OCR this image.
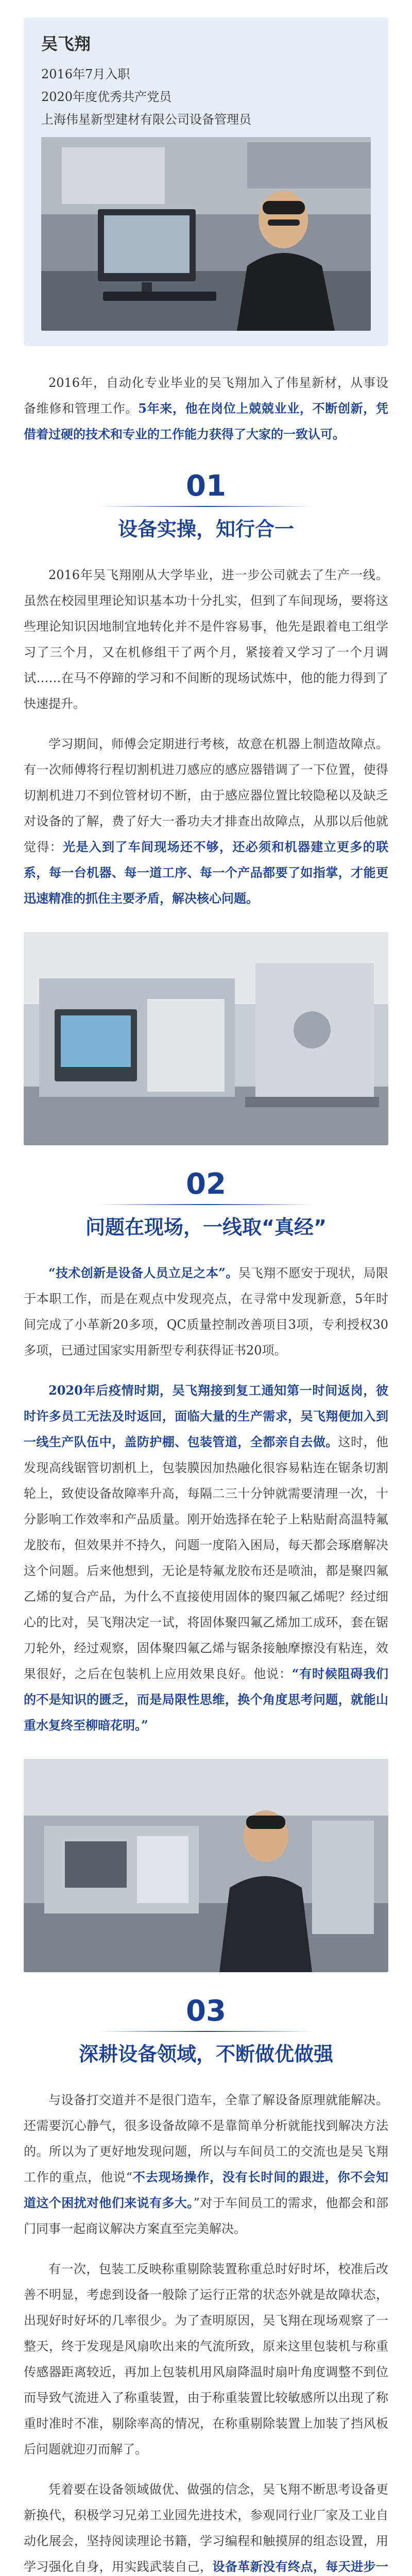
吴飞翔
2016年7月入职
2020年度优秀共产党员
上海伟星新型建材有限公司设备管理员

2016年，自动化专业毕业的吴飞翔加入了伟星新材，从事设备维修和管理工作。5年来，他在岗位上兢兢业业，不断创新，凭借着过硬的技术和专业的工作能力获得了大家的一致认可。

01
设备实操，知行合一

2016年吴飞翔刚从大学毕业，进一步公司就去了生产一线。虽然在校园里理论知识基本功十分扎实，但到了车间现场，要将这些理论知识因地制宜地转化并不是件容易事，他先是跟着电工组学习了三个月，又在机修组干了两个月，紧接着又学习了一个月调试……在马不停蹄的学习和不间断的现场试炼中，他的能力得到了快速提升。

学习期间，师傅会定期进行考核，故意在机器上制造故障点。有一次师傅将行程切割机进刀感应的感应器错调了一下位置，使得切割机进刀不到位管材切不断，由于感应器位置比较隐秘以及缺乏对设备的了解，费了好大一番功夫才排查出故障点，从那以后他就觉得：光是入到了车间现场还不够，还必须和机器建立更多的联系，每一台机器、每一道工序、每一个产品都要了如指掌，才能更迅速精准的抓住主要矛盾，解决核心问题。

02
问题在现场，一线取“真经”

“技术创新是设备人员立足之本”。吴飞翔不愿安于现状，局限于本职工作，而是在观点中发现亮点，在寻常中发现新意，5年时间完成了小革新20多项，QC质量控制改善项目3项，专利授权30多项，已通过国家实用新型专利获得证书20项。

2020年后疫情时期，吴飞翔接到复工通知第一时间返岗，彼时许多员工无法及时返回，面临大量的生产需求，吴飞翔便加入到一线生产队伍中，盖防护棚、包装管道，全都亲自去做。这时，他发现高线锯管切割机上，包装膜因加热融化很容易粘连在锯条切割轮上，致使设备故障率升高，每隔二三十分钟就需要清理一次，十分影响工作效率和产品质量。刚开始选择在轮子上粘贴耐高温特氟龙胶布，但效果并不持久，问题一度陷入困局，每天都会琢磨解决这个问题。后来他想到，无论是特氟龙胶布还是喷油，都是聚四氟乙烯的复合产品，为什么不直接使用固体的聚四氟乙烯呢？经过细心的比对，吴飞翔决定一试，将固体聚四氟乙烯加工成环，套在锯刀轮外，经过观察，固体聚四氟乙烯与锯条接触摩擦没有粘连，效果很好，之后在包装机上应用效果良好。他说：“有时候阻碍我们的不是知识的匮乏，而是局限性思维，换个角度思考问题，就能山重水复终至柳暗花明。”

03
深耕设备领域，不断做优做强

与设备打交道并不是很门造车，全靠了解设备原理就能解决。还需要沉心静气，很多设备故障不是靠简单分析就能找到解决方法的。所以为了更好地发现问题，所以与车间员工的交流也是吴飞翔工作的重点，他说“不去现场操作，没有长时间的跟进，你不会知道这个困扰对他们来说有多大。”对于车间员工的需求，他都会和部门同事一起商议解决方案直至完美解决。

有一次，包装工反映称重剔除装置称重总时好时坏，校准后改善不明显，考虑到设备一般除了运行正常的状态外就是故障状态，出现好时好坏的几率很少。为了查明原因，吴飞翔在现场观察了一整天，终于发现是风扇吹出来的气流所致，原来这里包装机与称重传感器距离较近，再加上包装机用风扇降温时扇叶角度调整不到位而导致气流进入了称重装置，由于称重装置比较敏感所以出现了称重时准时不准，剔除率高的情况，在称重剔除装置上加装了挡风板后问题就迎刃而解了。

凭着要在设备领域做优、做强的信念，吴飞翔不断思考设备更新换代，积极学习兄弟工业园先进技术，参观同行业厂家及工业自动化展会，坚持阅读理论书籍，学习编程和触摸屏的组态设置，用学习强化自身，用实践武装自己，设备革新没有终点，每天进步一
